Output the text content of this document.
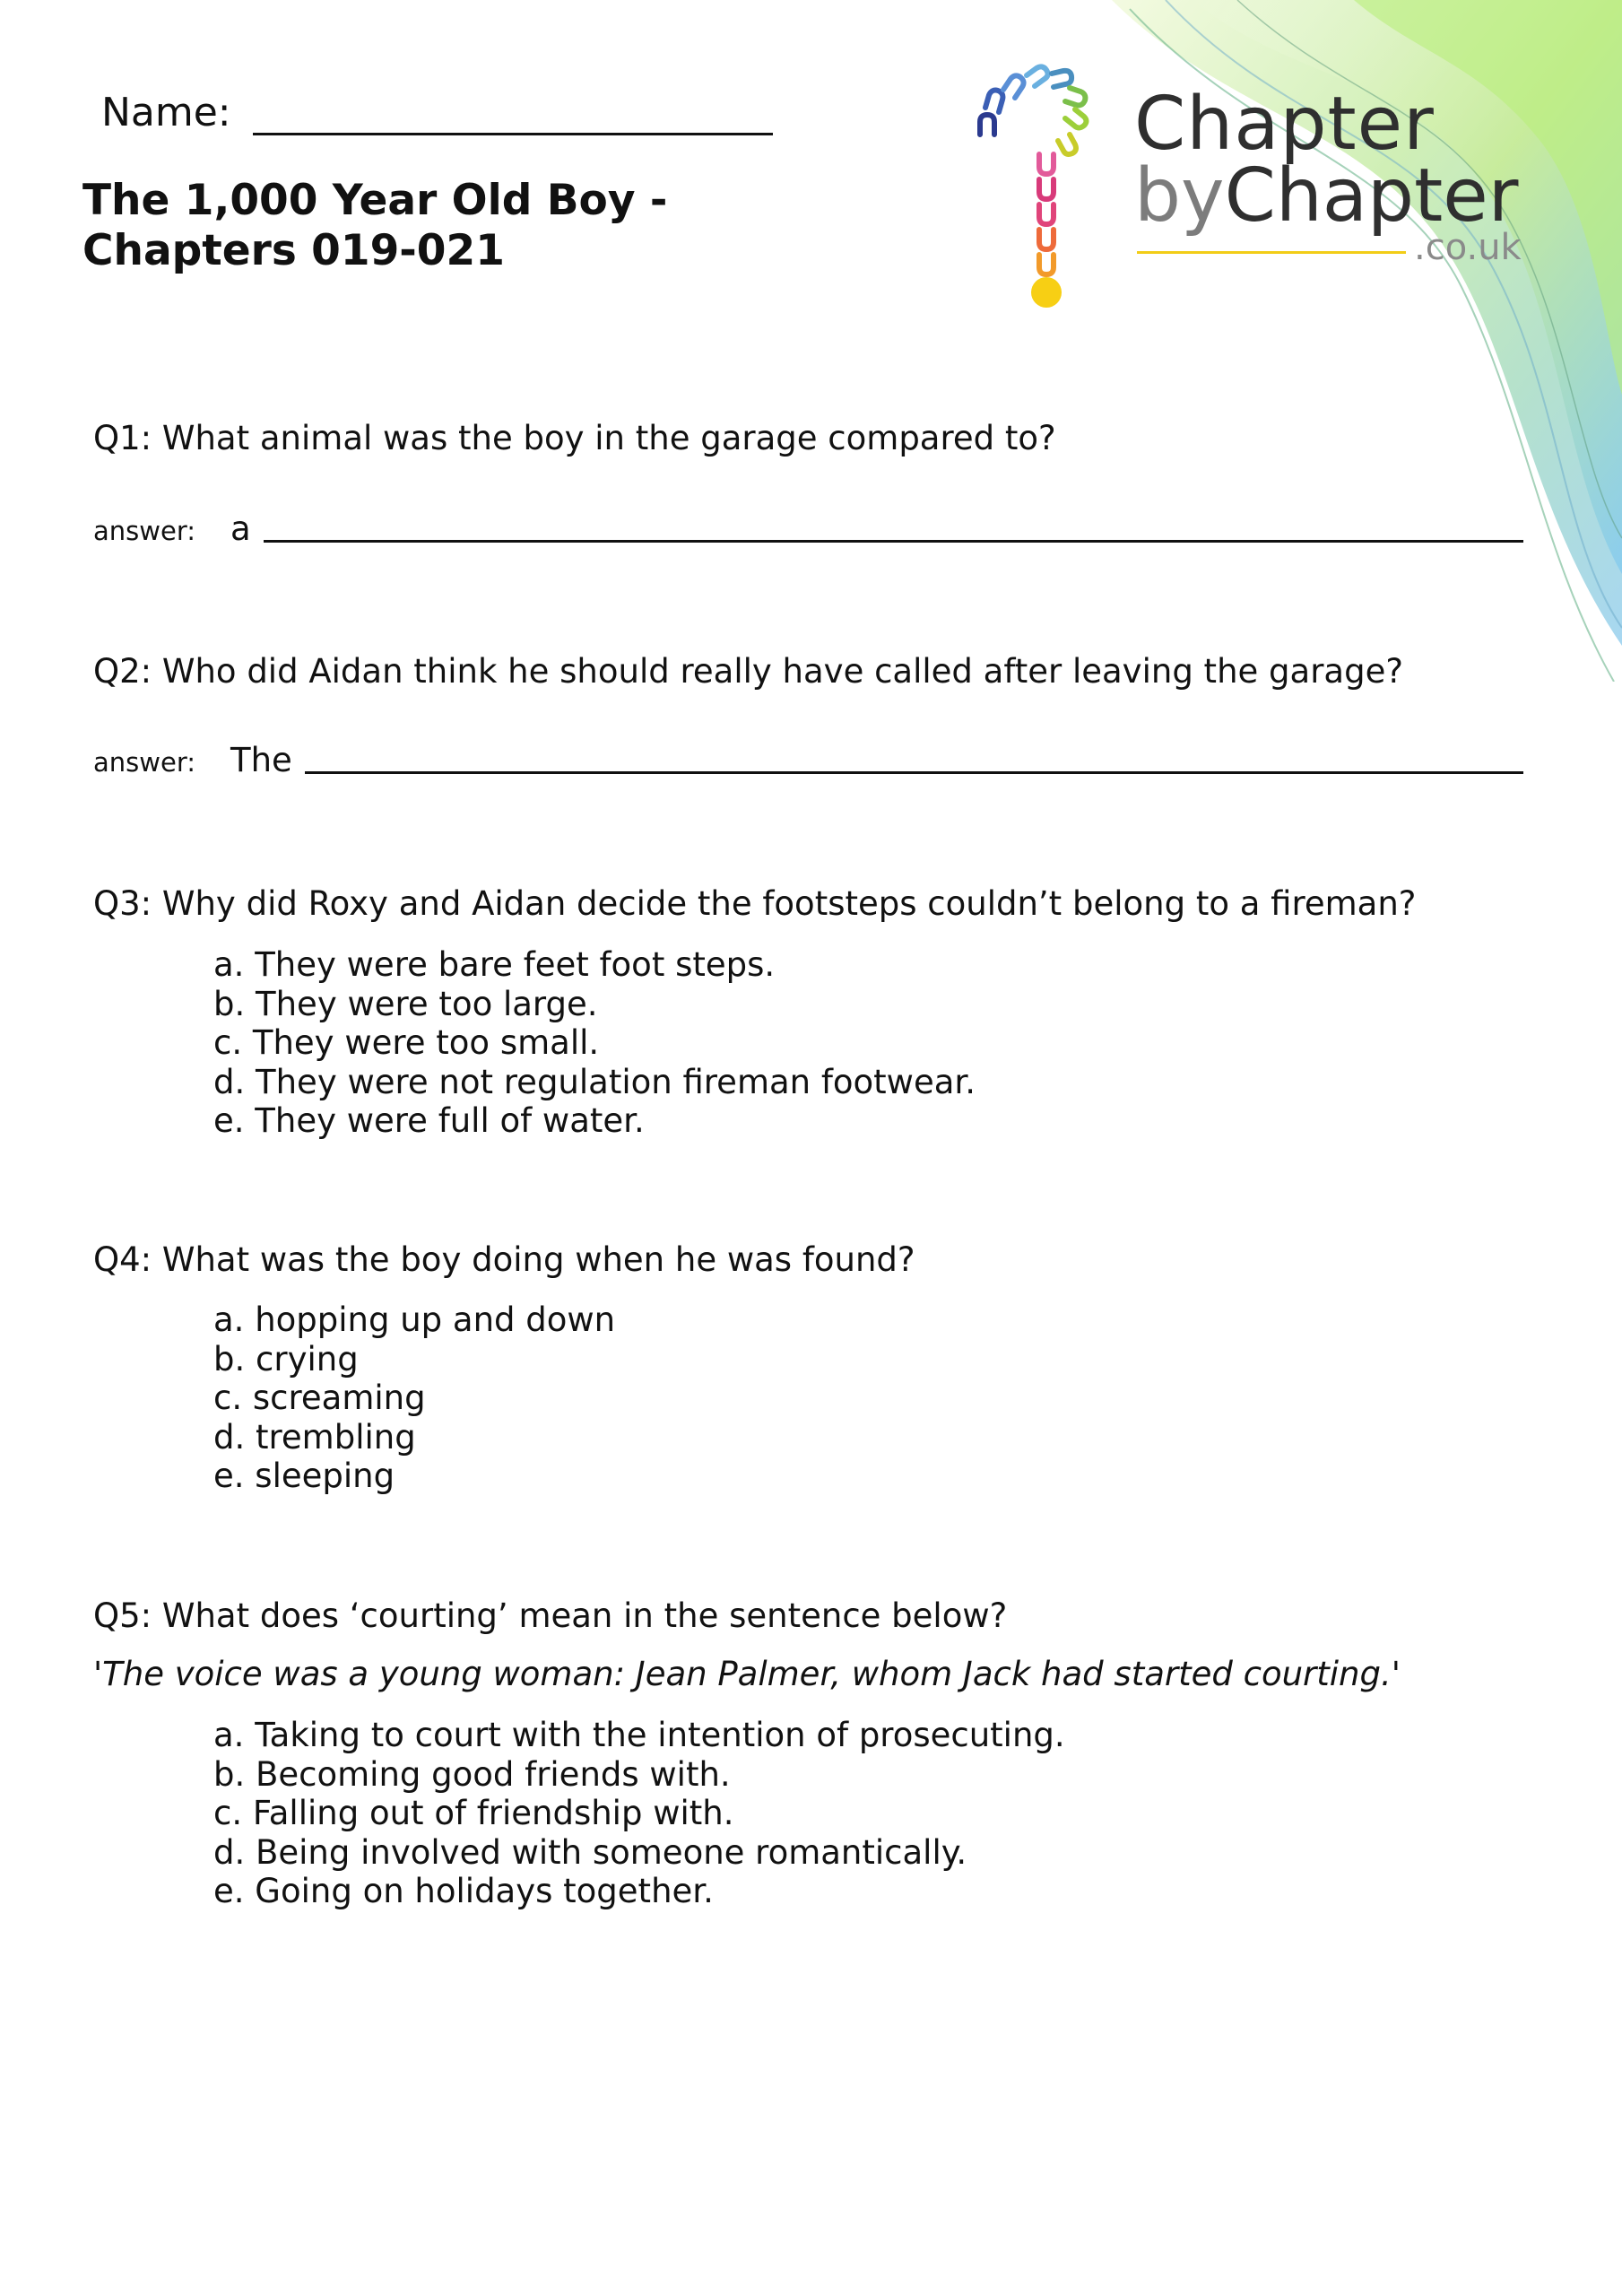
Name:
The 1,000 Year Old Boy -
Chapters 019-021
Chapter
byChapter
.co.uk
Q1: What animal was the boy in the garage compared to?
answer:	a
Q2: Who did Aidan think he should really have called after leaving the garage?
answer:	The
Q3: Why did Roxy and Aidan decide the footsteps couldn’t belong to a fireman?
a. They were bare feet foot steps.
b. They were too large.
c. They were too small.
d. They were not regulation fireman footwear.
e. They were full of water.
Q4: What was the boy doing when he was found?
a. hopping up and down
b. crying
c. screaming
d. trembling
e. sleeping
Q5: What does ‘courting’ mean in the sentence below?
'The voice was a young woman: Jean Palmer, whom Jack had started courting.'
a. Taking to court with the intention of prosecuting.
b. Becoming good friends with.
c. Falling out of friendship with.
d. Being involved with someone romantically.
e. Going on holidays together.
